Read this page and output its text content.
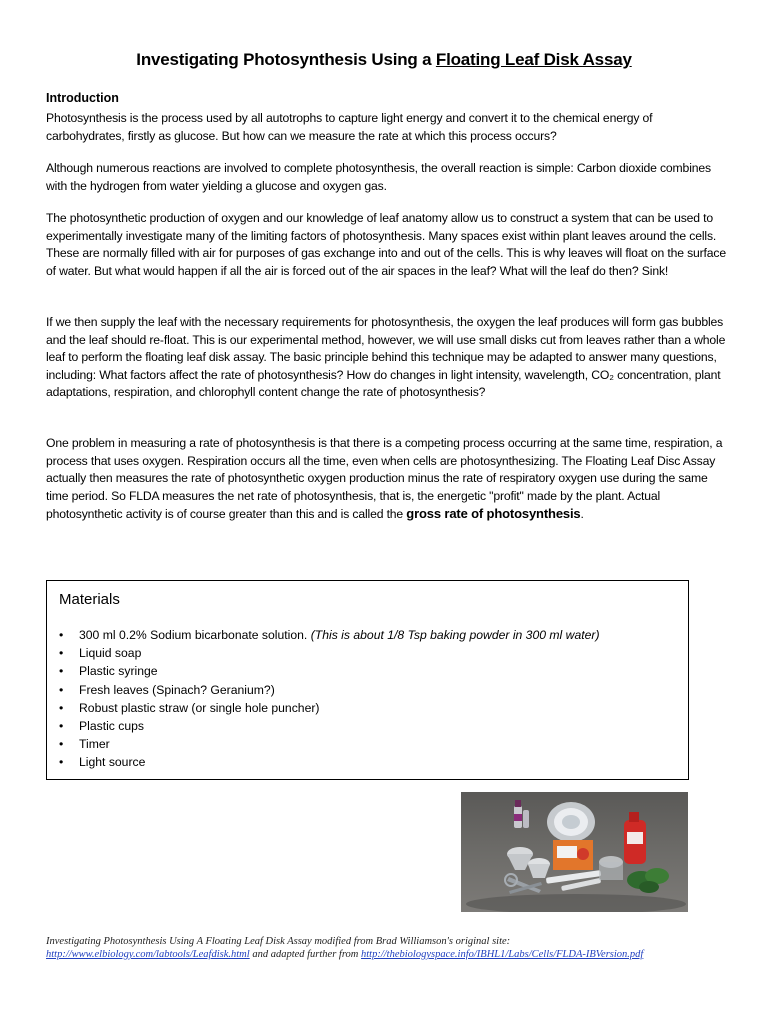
Investigating Photosynthesis Using a Floating Leaf Disk Assay
Introduction

Photosynthesis is the process used by all autotrophs to capture light energy and convert it to the chemical energy of carbohydrates, firstly as glucose. But how can we measure the rate at which this process occurs?

Although numerous reactions are involved to complete photosynthesis, the overall reaction is simple: Carbon dioxide combines with the hydrogen from water yielding a glucose and oxygen gas.

The photosynthetic production of oxygen and our knowledge of leaf anatomy allow us to construct a system that can be used to experimentally investigate many of the limiting factors of photosynthesis. Many spaces exist within plant leaves around the cells. These are normally filled with air for purposes of gas exchange into and out of the cells. This is why leaves will float on the surface of water. But what would happen if all the air is forced out of the air spaces in the leaf? What will the leaf do then? Sink!

If we then supply the leaf with the necessary requirements for photosynthesis, the oxygen the leaf produces will form gas bubbles and the leaf should re-float. This is our experimental method, however, we will use small disks cut from leaves rather than a whole leaf to perform the floating leaf disk assay. The basic principle behind this technique may be adapted to answer many questions, including: What factors affect the rate of photosynthesis? How do changes in light intensity, wavelength, CO₂ concentration, plant adaptations, respiration, and chlorophyll content change the rate of photosynthesis?

One problem in measuring a rate of photosynthesis is that there is a competing process occurring at the same time, respiration, a process that uses oxygen. Respiration occurs all the time, even when cells are photosynthesizing. The Floating Leaf Disc Assay actually then measures the rate of photosynthetic oxygen production minus the rate of respiratory oxygen use during the same time period. So FLDA measures the net rate of photosynthesis, that is, the energetic "profit" made by the plant. Actual photosynthetic activity is of course greater than this and is called the gross rate of photosynthesis.

Materials
• 300 ml 0.2% Sodium bicarbonate solution. (This is about 1/8 Tsp baking powder in 300 ml water)
• Liquid soap
• Plastic syringe
• Fresh leaves (Spinach? Geranium?)
• Robust plastic straw (or single hole puncher)
• Plastic cups
• Timer
• Light source

Investigating Photosynthesis Using A Floating Leaf Disk Assay modified from Brad Williamson's original site:
http://www.elbiology.com/labtools/Leafdisk.html and adapted further from http://thebiologyspace.info/IBHL1/Labs/Cells/FLDA-IBVersion.pdf
